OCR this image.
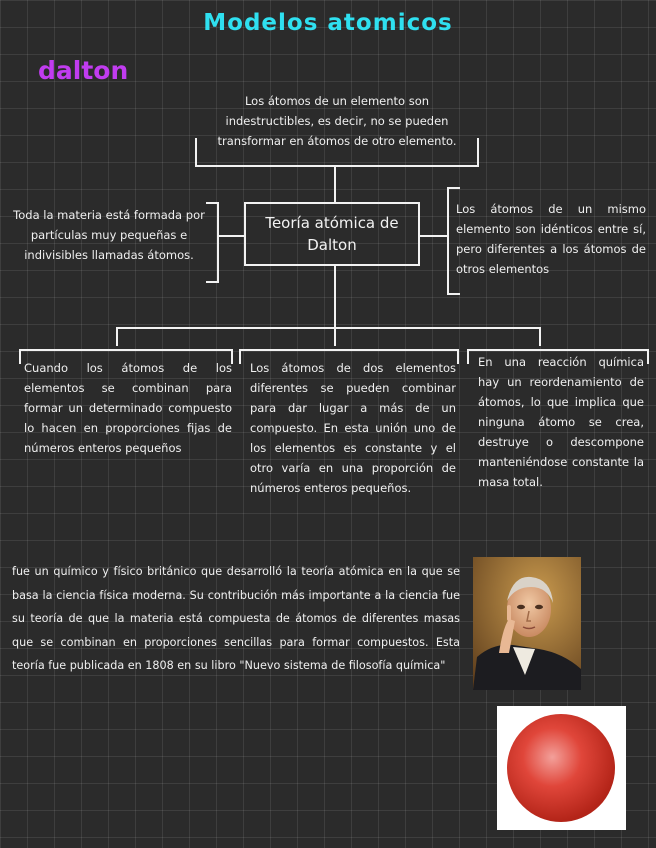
Modelos atomicos
dalton
Los átomos de un elemento son indestructibles, es decir, no se pueden transformar en átomos de otro elemento.
Teoría atómica de Dalton
Toda la materia está formada por partículas muy pequeñas e indivisibles llamadas átomos.
Los átomos de un mismo elemento son idénticos entre sí, pero diferentes a los átomos de otros elementos
Cuando los átomos de los elementos se combinan para formar un determinado compuesto lo hacen en proporciones fijas de números enteros pequeños
Los átomos de dos elementos diferentes se pueden combinar para dar lugar a más de un compuesto. En esta unión uno de los elementos es constante y el otro varía en una proporción de números enteros pequeños.
En una reacción química hay un reordenamiento de átomos, lo que implica que ninguna átomo se crea, destruye o descompone manteniéndose constante la masa total.
fue un químico y físico británico que desarrolló la teoría atómica en la que se basa la ciencia física moderna. Su contribución más importante a la ciencia fue su teoría de que la materia está compuesta de átomos de diferentes masas que se combinan en proporciones sencillas para formar compuestos. Esta teoría fue publicada en 1808 en su libro "Nuevo sistema de filosofía química"
